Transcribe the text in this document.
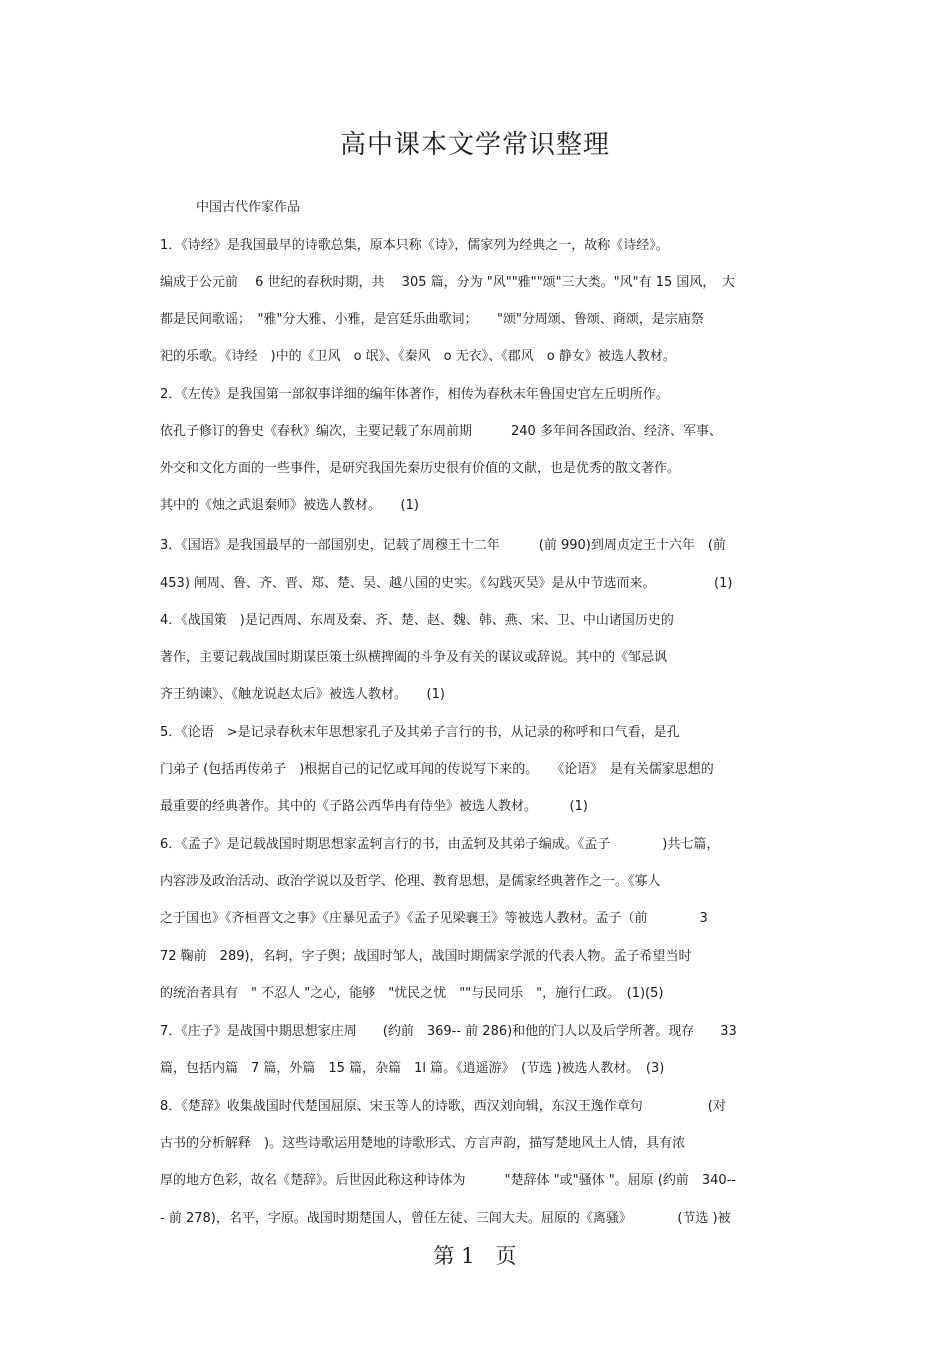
高中课本文学常识整理
中国古代作家作品
1．《诗经》是我国最早的诗歌总集，原本只称《诗》，儒家列为经典之一，故称《诗经》。
编成于公元前　 6 世纪的春秋时期，共　 305 篇，分为 "风""雅""颂"三大类。"风"有 15 国风，　大
都是民间歌谣；　"雅"分大雅、小雅，是宫廷乐曲歌词；　　"颂"分周颂、鲁颂、商颂，是宗庙祭
祀的乐歌。《诗经　)中的《卫风　o 氓》、《秦风　o 无衣》、《郡风　o 静女》被选人教材。
2．《左传》是我国第一部叙事详细的编年体著作，相传为春秋末年鲁国史官左丘明所作。
依孔子修订的鲁史《春秋》编次，主要记载了东周前期　　　240 多年间各国政治、经济、军事、
外交和文化方面的一些事件，是研究我国先秦历史很有价值的文献，也是优秀的散文著作。
其中的《烛之武退秦师》被选人教材。　　(1)
3．《国语》是我国最早的一部国别史，记载了周穆王十二年　　　(前 990)到周贞定王十六年　(前
453) 闸周、鲁、齐、晋、郑、楚、吴、越八国的史实。《勾践灭吴》是从中节选而来。　　　　　(1)
4．《战国策　)是记西周、东周及秦、齐、楚、赵、魏、韩、燕、宋、卫、中山诸国历史的
著作，主要记载战国时期谋臣策士纵横捭阖的斗争及有关的谋议或辞说。其中的《邹忌讽
齐王纳谏》、《触龙说赵太后》被选人教材。　　(1)
5．《论语　>是记录春秋末年思想家孔子及其弟子言行的书，从记录的称呼和口气看，是孔
门弟子 (包括再传弟子　)根据自己的记忆或耳闻的传说写下来的。　　《论语》　是有关儒家思想的
最重要的经典著作。其中的《子路公西华冉有侍坐》被选人教材。　　　(1)
6．《孟子》是记载战国时期思想家孟轲言行的书，由孟轲及其弟子编成。《孟子　　　　)共七篇，
内容涉及政治活动、政治学说以及哲学、伦理、教育思想，是儒家经典著作之一。《寡人
之于国也》《齐桓晋文之事》《庄暴见孟子》《孟子见梁襄王》等被选人教材。孟子（前　　　　3
72 鞠前　289)，名轲，字子舆；战国时邹人，战国时期儒家学派的代表人物。孟子希望当时
的统治者具有　" 不忍人 "之心，能够　"忧民之忧　""与民同乐　"，施行仁政。　(1)(5)
7．《庄子》是战国中期思想家庄周　　(约前　369-- 前 286)和他的门人以及后学所著。现存　　33
篇，包括内篇　7 篇，外篇　15 篇，杂篇　1l 篇。《逍遥游》　(节选 )被选人教材。　(3)
8．《楚辞》收集战国时代楚国屈原、宋玉等人的诗歌，西汉刘向辑，东汉王逸作章句　　　　　(对
古书的分析解释　)。这些诗歌运用楚地的诗歌形式、方言声韵，描写楚地风土人情，具有浓
厚的地方色彩，故名《楚辞》。后世因此称这种诗体为　　　"楚辞体 "或"骚体 "。屈原 (约前　340--
- 前 278)，名平，字原。战国时期楚国人，曾任左徒、三闾大夫。屈原的《离骚》　　　　(节选 )被
第 1　页
